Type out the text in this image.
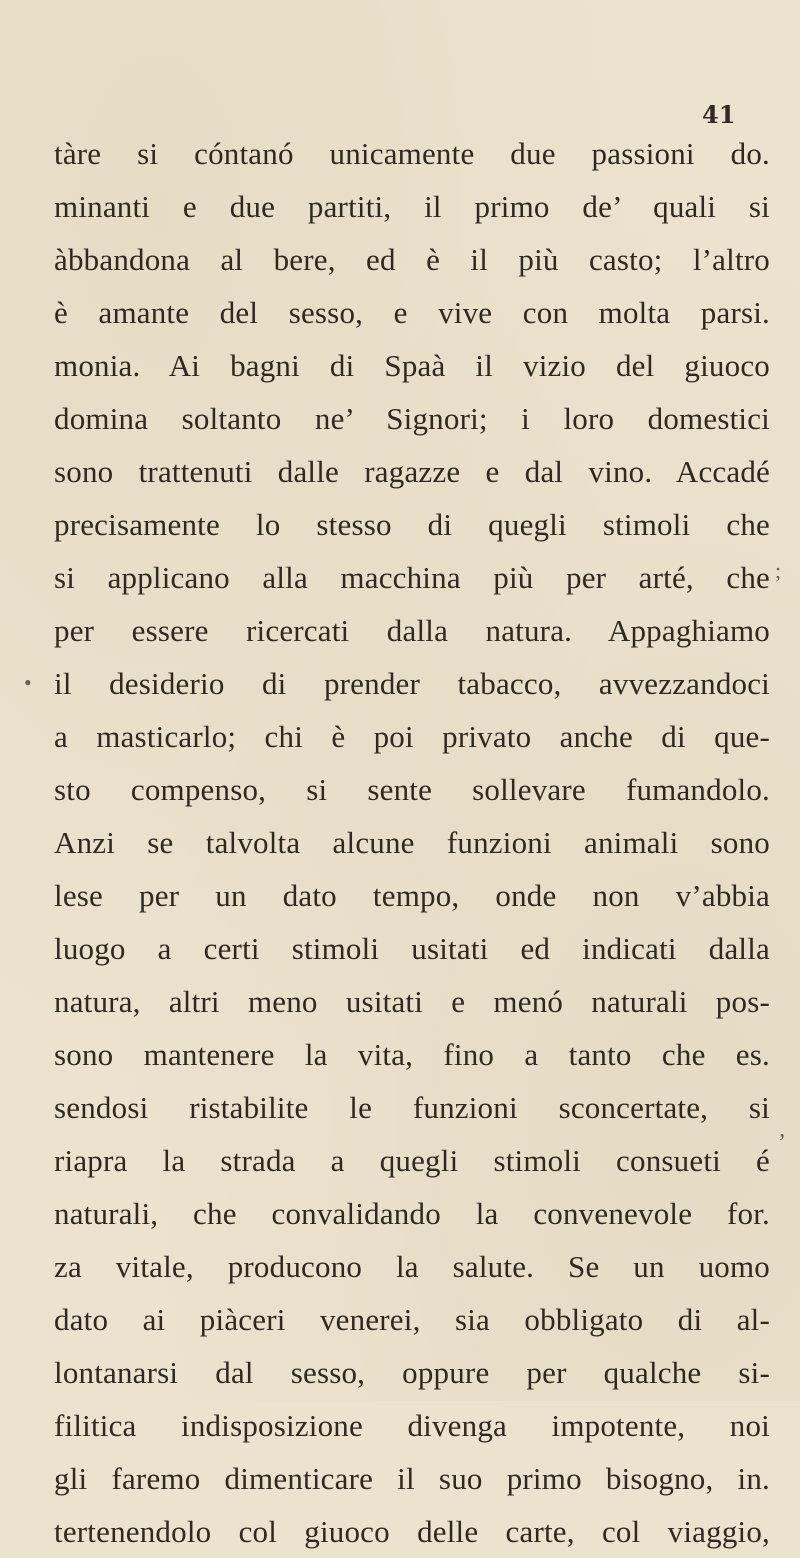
41
tàre si cóntanó unicamente due passioni do.
minanti e due partiti, il primo de’ quali si
àbbandona al bere, ed è il più casto; l’altro
è amante del sesso, e vive con molta parsi.
monia. Ai bagni di Spaà il vizio del giuoco
domina soltanto ne’ Signori; i loro domestici
sono trattenuti dalle ragazze e dal vino. Accadé
precisamente lo stesso di quegli stimoli che
si applicano alla macchina più per arté, che
per essere ricercati dalla natura. Appaghiamo
il desiderio di prender tabacco, avvezzandoci
a masticarlo; chi è poi privato anche di que-
sto compenso, si sente sollevare fumandolo.
Anzi se talvolta alcune funzioni animali sono
lese per un dato tempo, onde non v’abbia
luogo a certi stimoli usitati ed indicati dalla
natura, altri meno usitati e menó naturali pos-
sono mantenere la vita, fino a tanto che es.
sendosi ristabilite le funzioni sconcertate, si
riapra la strada a quegli stimoli consueti é
naturali, che convalidando la convenevole for.
za vitale, producono la salute. Se un uomo
dato ai piàceri venerei, sia obbligato di al-
lontanarsi dal sesso, oppure per qualche si-
filitica indisposizione divenga impotente, noi
gli faremo dimenticare il suo primo bisogno, in.
tertenendolo col giuoco delle carte, col viaggio,
;
•
’
